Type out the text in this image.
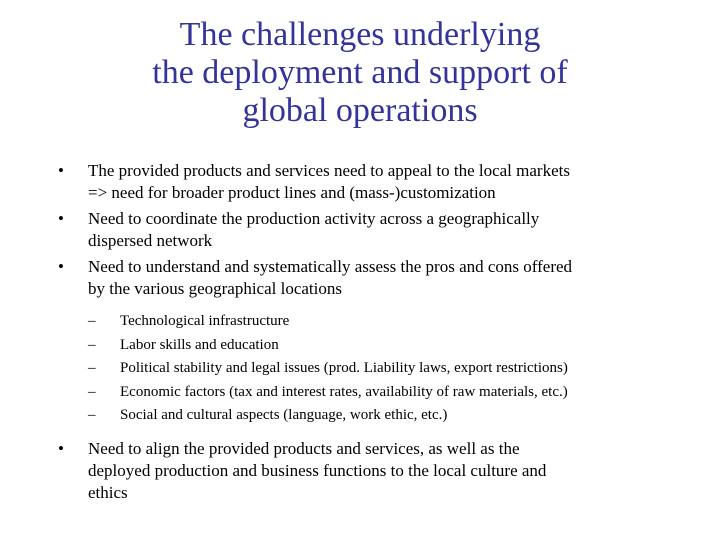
The challenges underlying
the deployment and support of
global operations
• The provided products and services need to appeal to the local markets
=> need for broader product lines and (mass-)customization
• Need to coordinate the production activity across a geographically
dispersed network
• Need to understand and systematically assess the pros and cons offered
by the various geographical locations
– Technological infrastructure
– Labor skills and education
– Political stability and legal issues (prod. Liability laws, export restrictions)
– Economic factors (tax and interest rates, availability of raw materials, etc.)
– Social and cultural aspects (language, work ethic, etc.)
• Need to align the provided products and services, as well as the
deployed production and business functions to the local culture and
ethics
